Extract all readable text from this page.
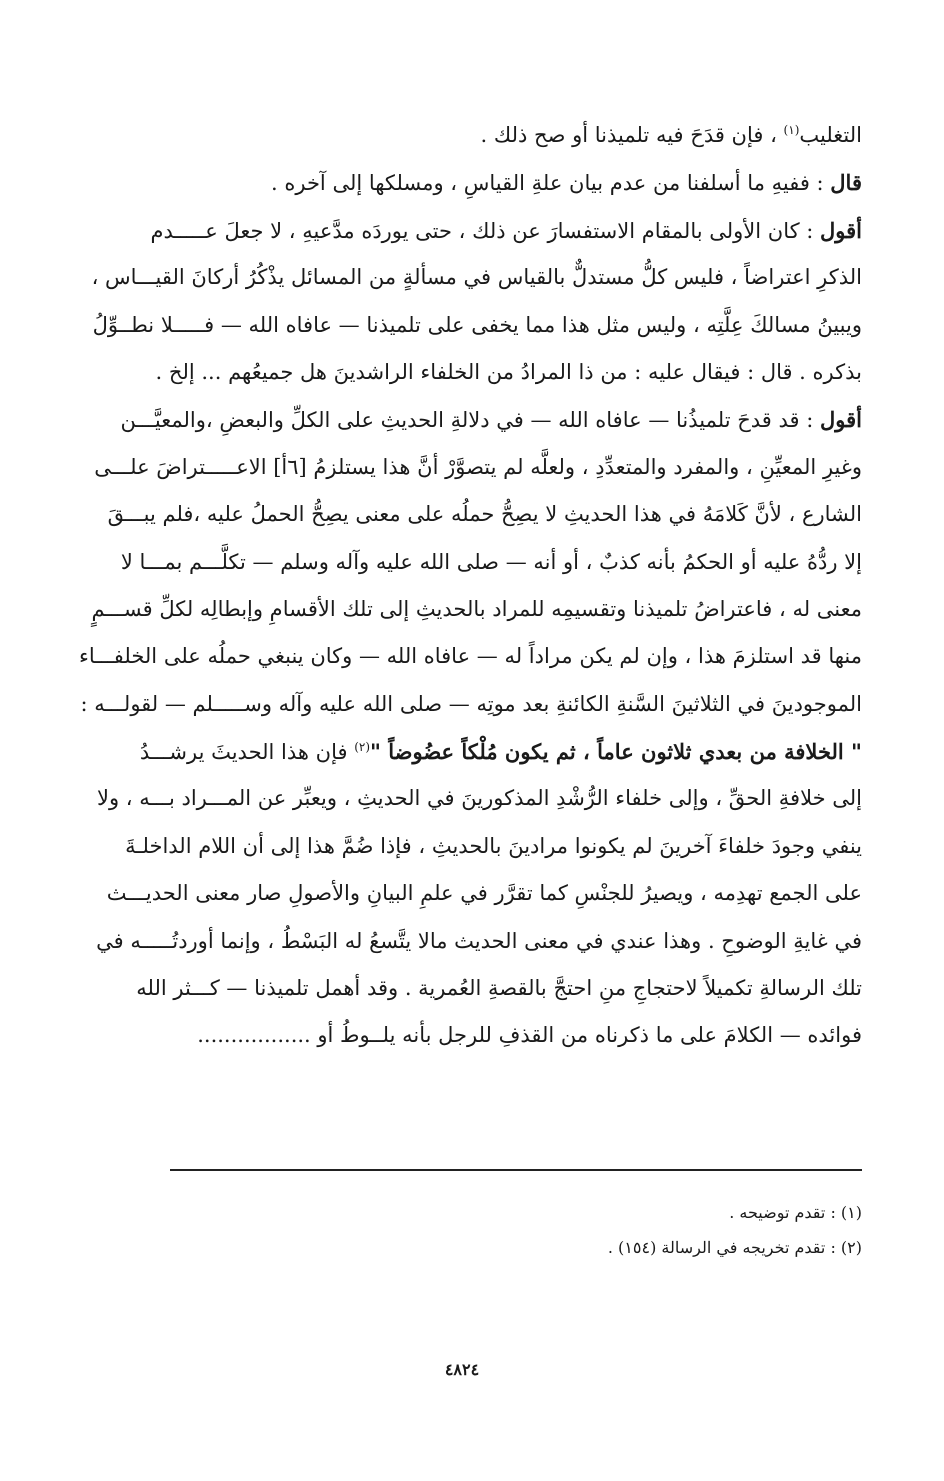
التغليب$^{(١)}$ ، فإن قدَحَ فيه تلميذنا أو صح ذلك .
قال : ففيهِ ما أسلفنا من عدم بيان علةِ القياسِ ، ومسلكها إلى آخره .
أقول : كان الأولى بالمقام الاستفسارَ عن ذلك ، حتى يوردَه مدَّعيهِ ، لا جعلَ عـــــدم
الذكرِ اعتراضاً ، فليس كلُّ مستدلٌّ بالقياس في مسألةٍ من المسائل يذْكُرُ أركانَ القيـــاس ،
ويبينُ مسالكَ عِلَّتِه ، وليس مثل هذا مما يخفى على تلميذنا — عافاه الله — فـــــلا نطــوِّلُ
بذكره . قال : فيقال عليه : من ذا المرادُ من الخلفاء الراشدينَ هل جميعُهم ... إلخ .
أقول : قد قدحَ تلميذُنا — عافاه الله — في دلالةِ الحديثِ على الكلِّ والبعضِ ،والمعيَّـــن
وغيرِ المعيِّنِ ، والمفرد والمتعدِّدِ ، ولعلَّه لم يتصوَّرْ أنَّ هذا يستلزمُ [٦أ] الاعـــــتراضَ علـــى
الشارع ، لأنَّ كَلامَهُ في هذا الحديثِ لا يصِحُّ حملُه على معنى يصِحُّ الحملُ عليه ،فلم يبـــقَ
إلا ردُّهُ عليه أو الحكمُ بأنه كذبٌ ، أو أنه — صلى الله عليه وآله وسلم — تكلَّـــم بمـــا لا
معنى له ، فاعتراضُ تلميذنا وتقسيمِه للمراد بالحديثِ إلى تلك الأقسامِ وإبطالِه لكلِّ قســـمٍ
منها قد استلزمَ هذا ، وإن لم يكن مراداً له — عافاه الله — وكان ينبغي حملُه على الخلفـــاء
الموجودينَ في الثلاثينَ السَّنةِ الكائنةِ بعد موتِه — صلى الله عليه وآله وســـــلم — لقولـــه :
" الخلافة من بعدي ثلاثون عاماً ، ثم يكون مُلْكاً عضُوضاً "$^{(٢)}$ فإن هذا الحديثَ يرشـــدُ
إلى خلافةِ الحقِّ ، وإلى خلفاء الرُّشْدِ المذكورينَ في الحديثِ ، ويعبِّر عن المـــراد بـــه ، ولا
ينفي وجودَ خلفاءَ آخرينَ لم يكونوا مرادينَ بالحديثِ ، فإذا ضُمَّ هذا إلى أن اللام الداخلـةَ
على الجمع تهدِمه ، ويصيرُ للجنْسِ كما تقرَّر في علمِ البيانِ والأصولِ صار معنى الحديـــث
في غايةِ الوضوحِ . وهذا عندي في معنى الحديث مالا يتَّسعُ له البَسْطُ ، وإنما أوردتُـــــه في
تلك الرسالةِ تكميلاً لاحتجاجِ منِ احتجَّ بالقصةِ العُمرية . وقد أهمل تلميذنا — كـــثر الله
فوائده — الكلامَ على ما ذكرناه من القذفِ للرجل بأنه يلــوطُ أو .................
(١) : تقدم توضيحه .
(٢) : تقدم تخريجه في الرسالة (١٥٤) .
٤٨٢٤
